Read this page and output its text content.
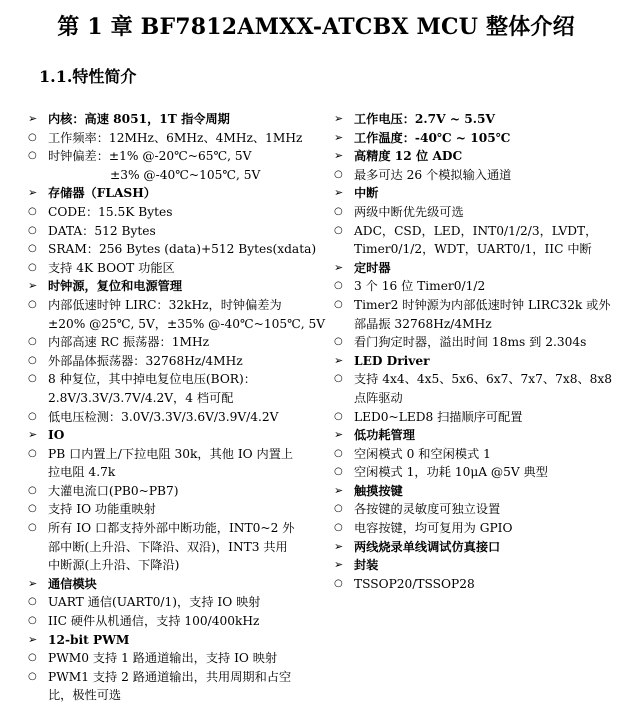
第 1 章 BF7812AMXX-ATCBX MCU 整体介绍
1.1.特性简介
➢ 内核：高速 8051，1T 指令周期
○ 工作频率：12MHz、6MHz、4MHz、1MHz
○ 时钟偏差：±1% @-20℃~65℃, 5V
±3% @-40℃~105℃, 5V
➢ 存储器（FLASH）
○ CODE：15.5K Bytes
○ DATA：512 Bytes
○ SRAM：256 Bytes (data)+512 Bytes(xdata)
○ 支持 4K BOOT 功能区
➢ 时钟源，复位和电源管理
○ 内部低速时钟 LIRC：32kHz，时钟偏差为
±20% @25℃, 5V，±35% @-40℃~105℃, 5V
○ 内部高速 RC 振荡器：1MHz
○ 外部晶体振荡器：32768Hz/4MHz
○ 8 种复位，其中掉电复位电压(BOR)：
2.8V/3.3V/3.7V/4.2V，4 档可配
○ 低电压检测：3.0V/3.3V/3.6V/3.9V/4.2V
➢ IO
○ PB 口内置上/下拉电阻 30k，其他 IO 内置上
拉电阻 4.7k
○ 大灌电流口(PB0~PB7)
○ 支持 IO 功能重映射
○ 所有 IO 口都支持外部中断功能，INT0~2 外
部中断(上升沿、下降沿、双沿)，INT3 共用
中断源(上升沿、下降沿)
➢ 通信模块
○ UART 通信(UART0/1)，支持 IO 映射
○ IIC 硬件从机通信，支持 100/400kHz
➢ 12-bit PWM
○ PWM0 支持 1 路通道输出，支持 IO 映射
○ PWM1 支持 2 路通道输出，共用周期和占空
比，极性可选
➢ 工作电压：2.7V ~ 5.5V
➢ 工作温度：-40℃ ~ 105℃
➢ 高精度 12 位 ADC
○ 最多可达 26 个模拟输入通道
➢ 中断
○ 两级中断优先级可选
○ ADC，CSD，LED，INT0/1/2/3，LVDT，
Timer0/1/2，WDT，UART0/1，IIC 中断
➢ 定时器
○ 3 个 16 位 Timer0/1/2
○ Timer2 时钟源为内部低速时钟 LIRC32k 或外
部晶振 32768Hz/4MHz
○ 看门狗定时器，溢出时间 18ms 到 2.304s
➢ LED Driver
○ 支持 4x4、4x5、5x6、6x7、7x7、7x8、8x8
点阵驱动
○ LED0~LED8 扫描顺序可配置
➢ 低功耗管理
○ 空闲模式 0 和空闲模式 1
○ 空闲模式 1，功耗 10μA @5V 典型
➢ 触摸按键
○ 各按键的灵敏度可独立设置
○ 电容按键，均可复用为 GPIO
➢ 两线烧录单线调试仿真接口
➢ 封装
○ TSSOP20/TSSOP28
